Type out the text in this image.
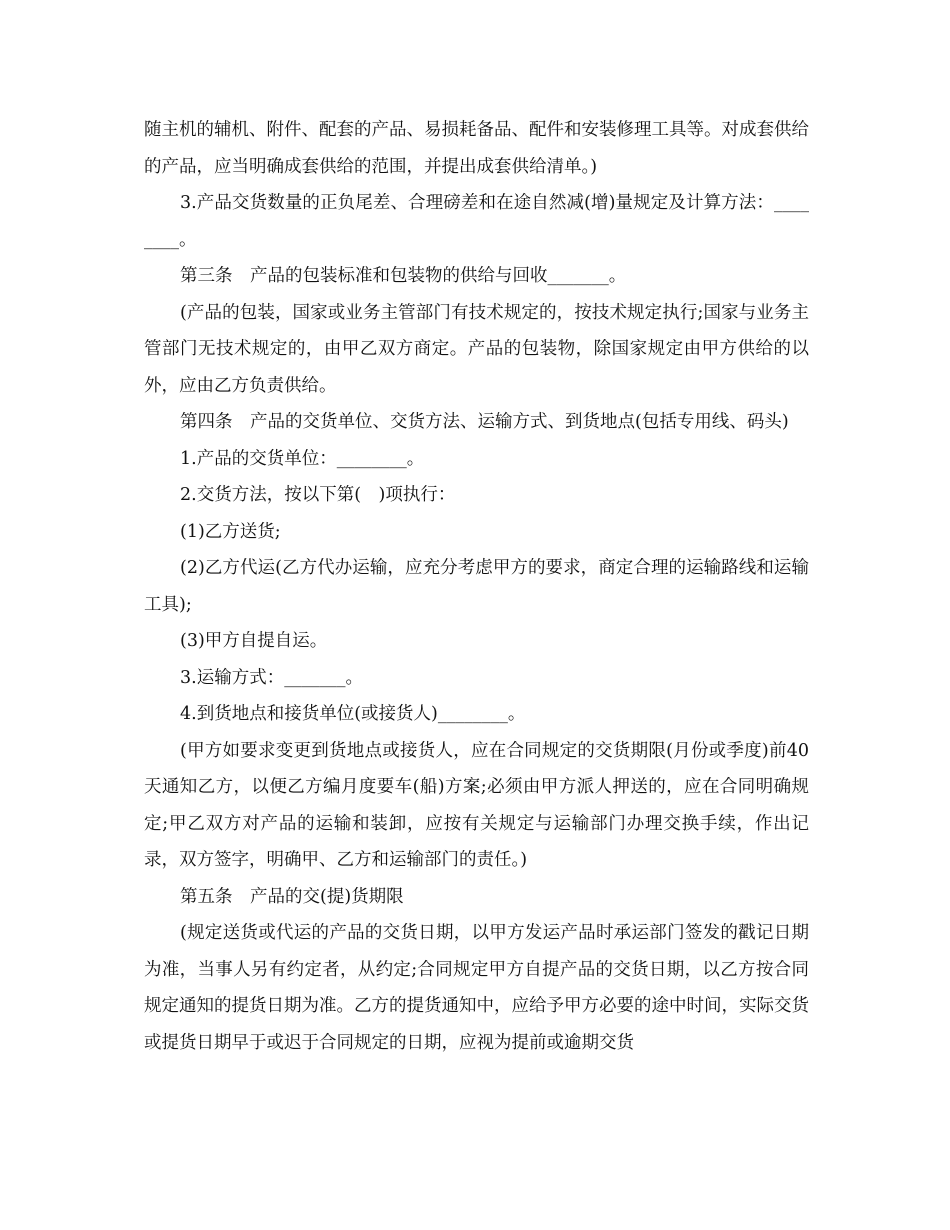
随主机的辅机、附件、配套的产品、易损耗备品、配件和安装修理工具等。对成套供给的产品，应当明确成套供给的范围，并提出成套供给清单。)

3.产品交货数量的正负尾差、合理磅差和在途自然减(增)量规定及计算方法：________。

第三条　产品的包装标准和包装物的供给与回收_______。

(产品的包装，国家或业务主管部门有技术规定的，按技术规定执行;国家与业务主管部门无技术规定的，由甲乙双方商定。产品的包装物，除国家规定由甲方供给的以外，应由乙方负责供给。

第四条　产品的交货单位、交货方法、运输方式、到货地点(包括专用线、码头)

1.产品的交货单位：________。

2.交货方法，按以下第(　)项执行：

(1)乙方送货;

(2)乙方代运(乙方代办运输，应充分考虑甲方的要求，商定合理的运输路线和运输工具);

(3)甲方自提自运。

3.运输方式：_______。

4.到货地点和接货单位(或接货人)________。

(甲方如要求变更到货地点或接货人，应在合同规定的交货期限(月份或季度)前40天通知乙方，以便乙方编月度要车(船)方案;必须由甲方派人押送的，应在合同明确规定;甲乙双方对产品的运输和装卸，应按有关规定与运输部门办理交换手续，作出记录，双方签字，明确甲、乙方和运输部门的责任。)

第五条　产品的交(提)货期限

(规定送货或代运的产品的交货日期，以甲方发运产品时承运部门签发的戳记日期为准，当事人另有约定者，从约定;合同规定甲方自提产品的交货日期，以乙方按合同规定通知的提货日期为准。乙方的提货通知中，应给予甲方必要的途中时间，实际交货或提货日期早于或迟于合同规定的日期，应视为提前或逾期交货
